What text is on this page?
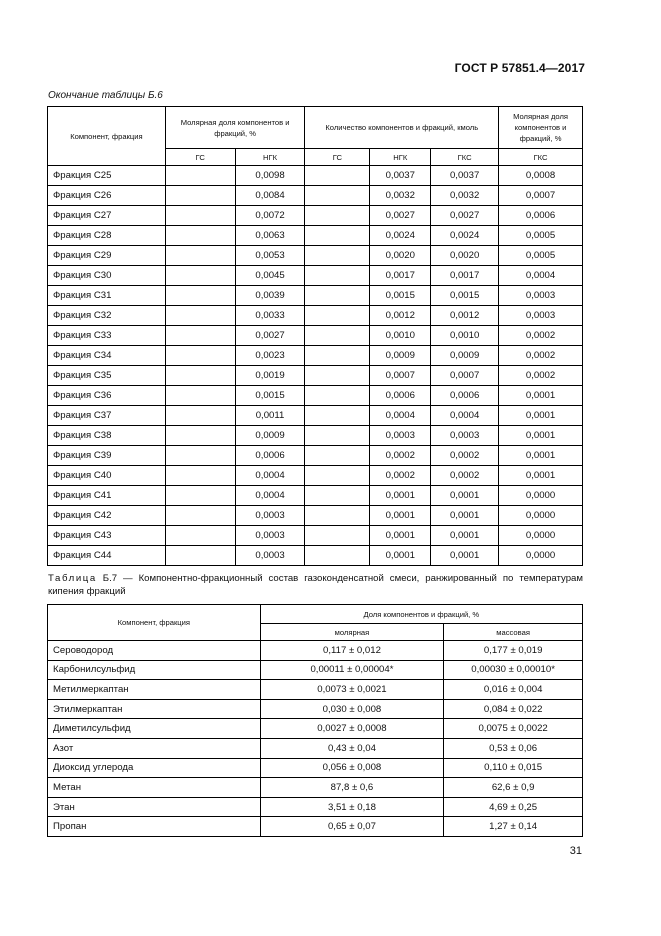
ГОСТ Р 57851.4—2017
Окончание таблицы Б.6
Компонент, фракция	Молярная доля компонентов и фракций, %		Количество компонентов и фракций, кмоль			Молярная доля компонентов и фракций, %
	ГС	НГК	ГС	НГК	ГКС	ГКС
Фракция С25		0,0098		0,0037	0,0037	0,0008
Фракция С26		0,0084		0,0032	0,0032	0,0007
Фракция С27		0,0072		0,0027	0,0027	0,0006
Фракция С28		0,0063		0,0024	0,0024	0,0005
Фракция С29		0,0053		0,0020	0,0020	0,0005
Фракция С30		0,0045		0,0017	0,0017	0,0004
Фракция С31		0,0039		0,0015	0,0015	0,0003
Фракция С32		0,0033		0,0012	0,0012	0,0003
Фракция С33		0,0027		0,0010	0,0010	0,0002
Фракция С34		0,0023		0,0009	0,0009	0,0002
Фракция С35		0,0019		0,0007	0,0007	0,0002
Фракция С36		0,0015		0,0006	0,0006	0,0001
Фракция С37		0,0011		0,0004	0,0004	0,0001
Фракция С38		0,0009		0,0003	0,0003	0,0001
Фракция С39		0,0006		0,0002	0,0002	0,0001
Фракция С40		0,0004		0,0002	0,0002	0,0001
Фракция С41		0,0004		0,0001	0,0001	0,0000
Фракция С42		0,0003		0,0001	0,0001	0,0000
Фракция С43		0,0003		0,0001	0,0001	0,0000
Фракция С44		0,0003		0,0001	0,0001	0,0000
Таблица Б.7 — Компонентно-фракционный состав газоконденсатной смеси, ранжированный по температурам кипения фракций
Компонент, фракция	Доля компонентов и фракций, %	
	молярная	массовая
Сероводород	0,117 ± 0,012	0,177 ± 0,019
Карбонилсульфид	0,00011 ± 0,00004*	0,00030 ± 0,00010*
Метилмеркаптан	0,0073 ± 0,0021	0,016 ± 0,004
Этилмеркаптан	0,030 ± 0,008	0,084 ± 0,022
Диметилсульфид	0,0027 ± 0,0008	0,0075 ± 0,0022
Азот	0,43 ± 0,04	0,53 ± 0,06
Диоксид углерода	0,056 ± 0,008	0,110 ± 0,015
Метан	87,8 ± 0,6	62,6 ± 0,9
Этан	3,51 ± 0,18	4,69 ± 0,25
Пропан	0,65 ± 0,07	1,27 ± 0,14
31
